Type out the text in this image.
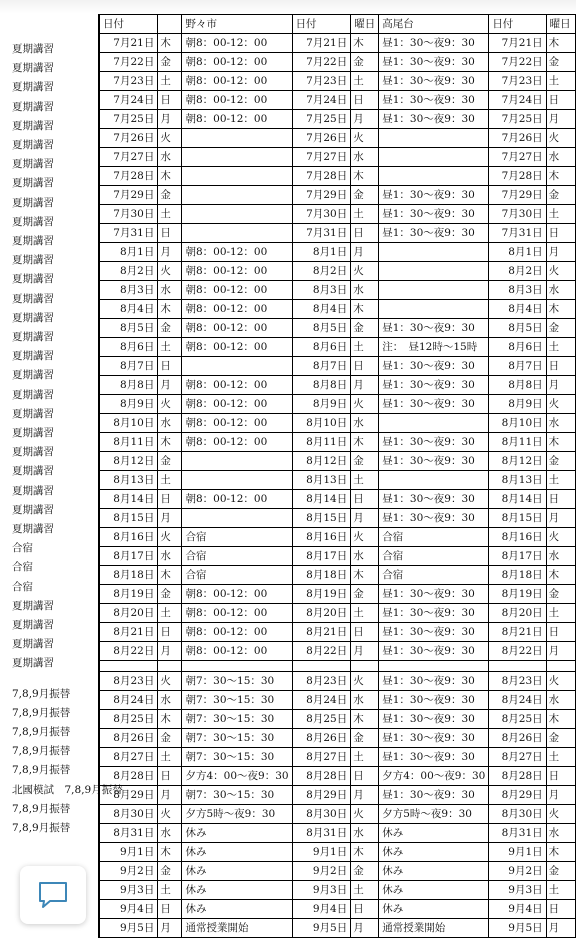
夏期講習
夏期講習
夏期講習
夏期講習
夏期講習
夏期講習
夏期講習
夏期講習
夏期講習
夏期講習
夏期講習
夏期講習
夏期講習
夏期講習
夏期講習
夏期講習
夏期講習
夏期講習
夏期講習
夏期講習
夏期講習
夏期講習
夏期講習
夏期講習
夏期講習
夏期講習
合宿
合宿
合宿
夏期講習
夏期講習
夏期講習
夏期講習
7,8,9月振替
7,8,9月振替
7,8,9月振替
7,8,9月振替
7,8,9月振替
北國模試　7,8,9月振替
7,8,9月振替
7,8,9月振替
日付		野々市	日付	曜日	高尾台	日付	曜日
7月21日	木	朝8：00-12：00	7月21日	木	昼1：30〜夜9：30	7月21日	木
7月22日	金	朝8：00-12：00	7月22日	金	昼1：30〜夜9：30	7月22日	金
7月23日	土	朝8：00-12：00	7月23日	土	昼1：30〜夜9：30	7月23日	土
7月24日	日	朝8：00-12：00	7月24日	日	昼1：30〜夜9：30	7月24日	日
7月25日	月	朝8：00-12：00	7月25日	月	昼1：30〜夜9：30	7月25日	月
7月26日	火		7月26日	火		7月26日	火
7月27日	水		7月27日	水		7月27日	水
7月28日	木		7月28日	木		7月28日	木
7月29日	金		7月29日	金	昼1：30〜夜9：30	7月29日	金
7月30日	土		7月30日	土	昼1：30〜夜9：30	7月30日	土
7月31日	日		7月31日	日	昼1：30〜夜9：30	7月31日	日
8月1日	月	朝8：00-12：00	8月1日	月		8月1日	月
8月2日	火	朝8：00-12：00	8月2日	火		8月2日	火
8月3日	水	朝8：00-12：00	8月3日	水		8月3日	水
8月4日	木	朝8：00-12：00	8月4日	木		8月4日	木
8月5日	金	朝8：00-12：00	8月5日	金	昼1：30〜夜9：30	8月5日	金
8月6日	土	朝8：00-12：00	8月6日	土	注：　昼12時〜15時	8月6日	土
8月7日	日		8月7日	日	昼1：30〜夜9：30	8月7日	日
8月8日	月	朝8：00-12：00	8月8日	月	昼1：30〜夜9：30	8月8日	月
8月9日	火	朝8：00-12：00	8月9日	火	昼1：30〜夜9：30	8月9日	火
8月10日	水	朝8：00-12：00	8月10日	水		8月10日	水
8月11日	木	朝8：00-12：00	8月11日	木	昼1：30〜夜9：30	8月11日	木
8月12日	金		8月12日	金	昼1：30〜夜9：30	8月12日	金
8月13日	土		8月13日	土		8月13日	土
8月14日	日	朝8：00-12：00	8月14日	日	昼1：30〜夜9：30	8月14日	日
8月15日	月		8月15日	月	昼1：30〜夜9：30	8月15日	月
8月16日	火	合宿	8月16日	火	合宿	8月16日	火
8月17日	水	合宿	8月17日	水	合宿	8月17日	水
8月18日	木	合宿	8月18日	木	合宿	8月18日	木
8月19日	金	朝8：00-12：00	8月19日	金	昼1：30〜夜9：30	8月19日	金
8月20日	土	朝8：00-12：00	8月20日	土	昼1：30〜夜9：30	8月20日	土
8月21日	日	朝8：00-12：00	8月21日	日	昼1：30〜夜9：30	8月21日	日
8月22日	月	朝8：00-12：00	8月22日	月	昼1：30〜夜9：30	8月22日	月

8月23日	火	朝7：30〜15：30	8月23日	火	昼1：30〜夜9：30	8月23日	火
8月24日	水	朝7：30〜15：30	8月24日	水	昼1：30〜夜9：30	8月24日	水
8月25日	木	朝7：30〜15：30	8月25日	木	昼1：30〜夜9：30	8月25日	木
8月26日	金	朝7：30〜15：30	8月26日	金	昼1：30〜夜9：30	8月26日	金
8月27日	土	朝7：30〜15：30	8月27日	土	昼1：30〜夜9：30	8月27日	土
8月28日	日	夕方4：00〜夜9：30	8月28日	日	夕方4：00〜夜9：30	8月28日	日
8月29日	月	朝7：30〜15：30	8月29日	月	昼1：30〜夜9：30	8月29日	月
8月30日	火	夕方5時〜夜9：30	8月30日	火	夕方5時〜夜9：30	8月30日	火
8月31日	水	休み	8月31日	水	休み	8月31日	水
9月1日	木	休み	9月1日	木	休み	9月1日	木
9月2日	金	休み	9月2日	金	休み	9月2日	金
9月3日	土	休み	9月3日	土	休み	9月3日	土
9月4日	日	休み	9月4日	日	休み	9月4日	日
9月5日	月	通常授業開始	9月5日	月	通常授業開始	9月5日	月
